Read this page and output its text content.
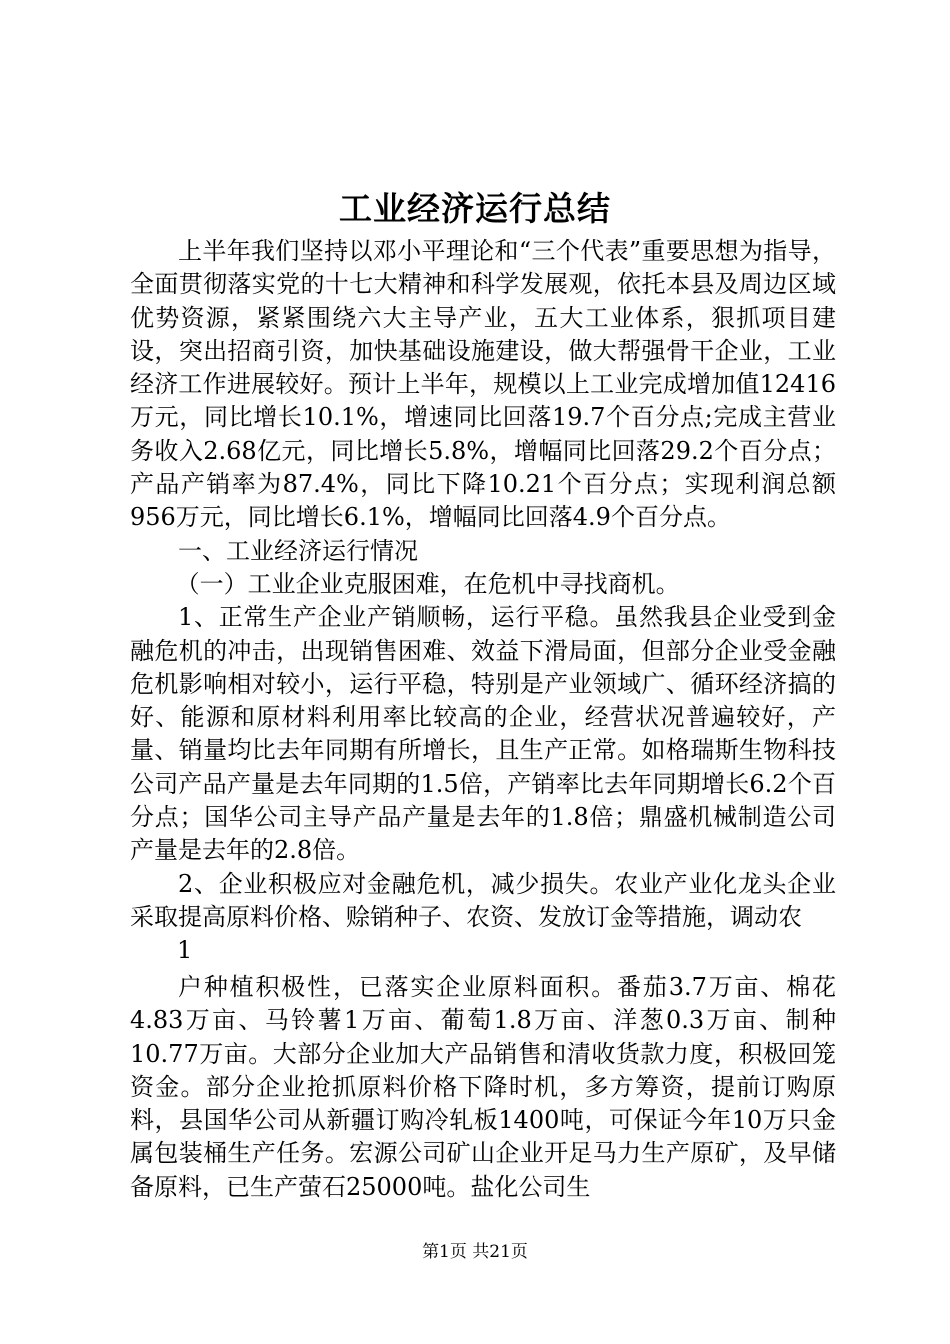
工业经济运行总结

上半年我们坚持以邓小平理论和“三个代表”重要思想为指导，全面贯彻落实党的十七大精神和科学发展观，依托本县及周边区域优势资源，紧紧围绕六大主导产业，五大工业体系，狠抓项目建设，突出招商引资，加快基础设施建设，做大帮强骨干企业，工业经济工作进展较好。预计上半年，规模以上工业完成增加值12416万元，同比增长10.1%，增速同比回落19.7个百分点;完成主营业务收入2.68亿元，同比增长5.8%，增幅同比回落29.2个百分点；产品产销率为87.4%，同比下降10.21个百分点；实现利润总额956万元，同比增长6.1%，增幅同比回落4.9个百分点。

一、工业经济运行情况

（一）工业企业克服困难，在危机中寻找商机。

1、正常生产企业产销顺畅，运行平稳。虽然我县企业受到金融危机的冲击，出现销售困难、效益下滑局面，但部分企业受金融危机影响相对较小，运行平稳，特别是产业领域广、循环经济搞的好、能源和原材料利用率比较高的企业，经营状况普遍较好，产量、销量均比去年同期有所增长，且生产正常。如格瑞斯生物科技公司产品产量是去年同期的1.5倍，产销率比去年同期增长6.2个百分点；国华公司主导产品产量是去年的1.8倍；鼎盛机械制造公司产量是去年的2.8倍。

2、企业积极应对金融危机，减少损失。农业产业化龙头企业采取提高原料价格、赊销种子、农资、发放订金等措施，调动农

1

户种植积极性，已落实企业原料面积。番茄3.7万亩、棉花4.83万亩、马铃薯1万亩、葡萄1.8万亩、洋葱0.3万亩、制种10.77万亩。大部分企业加大产品销售和清收货款力度，积极回笼资金。部分企业抢抓原料价格下降时机，多方筹资，提前订购原料，县国华公司从新疆订购冷轧板1400吨，可保证今年10万只金属包装桶生产任务。宏源公司矿山企业开足马力生产原矿，及早储备原料，已生产萤石25000吨。盐化公司生

第1页 共21页
